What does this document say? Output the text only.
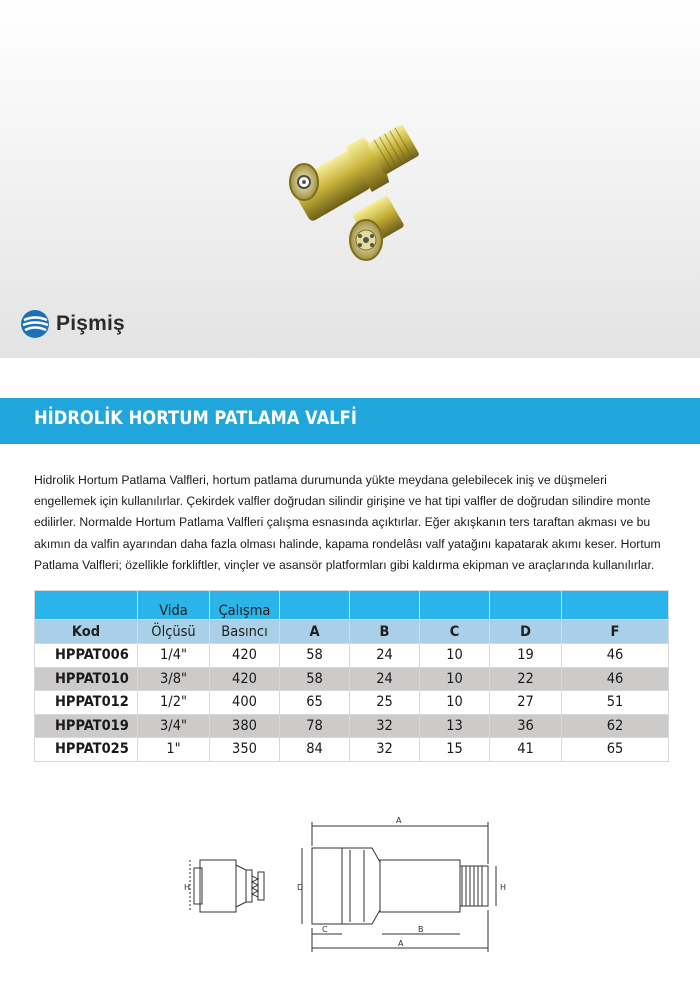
Pişmiş
HİDROLİK HORTUM PATLAMA VALFİ

Hidrolik Hortum Patlama Valfleri, hortum patlama durumunda yükte meydana gelebilecek iniş ve düşmeleri engellemek için kullanılırlar. Çekirdek valfler doğrudan silindir girişine ve hat tipi valfler de doğrudan silindire monte edilirler. Normalde Hortum Patlama Valfleri çalışma esnasında açıktırlar. Eğer akışkanın ters taraftan akması ve bu akımın da valfin ayarından daha fazla olması halinde, kapama rondelâsı valf yatağını kapatarak akımı keser. Hortum Patlama Valfleri; özellikle forkliftler, vinçler ve asansör platformları gibi kaldırma ekipman ve araçlarında kullanılırlar.

	Vida	Çalışma					
Kod	Ölçüsü	Basıncı	A	B	C	D	F
HPPAT006	1/4"	420	58	24	10	19	46
HPPAT010	3/8"	420	58	24	10	22	46
HPPAT012	1/2"	400	65	25	10	27	51
HPPAT019	3/4"	380	78	32	13	36	62
HPPAT025	1"	350	84	32	15	41	65
A
D
H	H
C	B
A
